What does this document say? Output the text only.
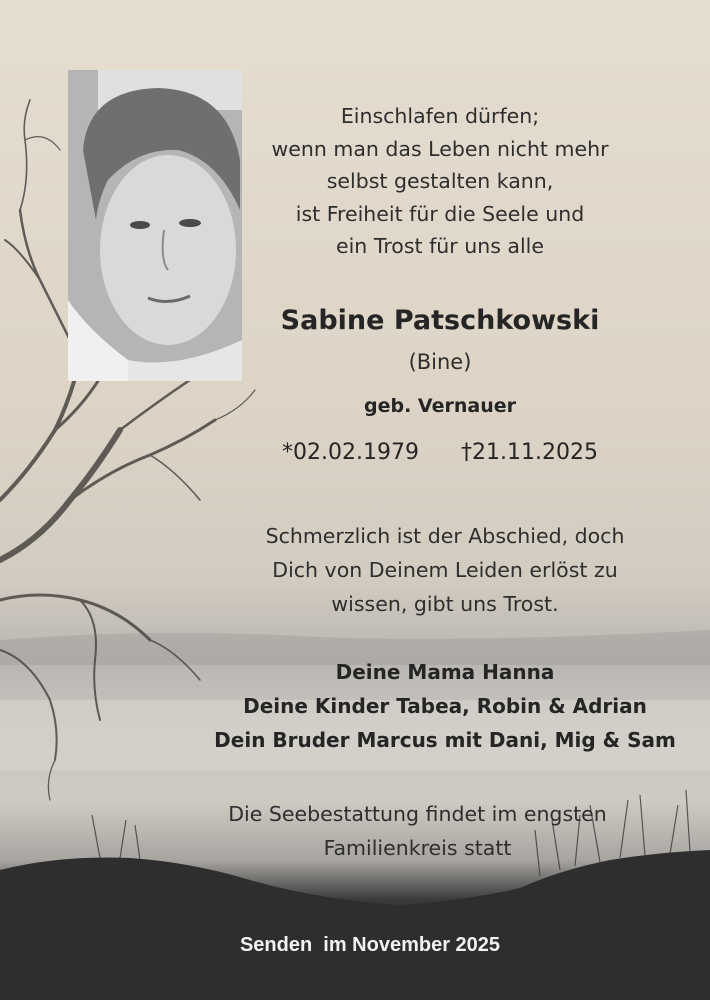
Einschlafen dürfen;
wenn man das Leben nicht mehr
selbst gestalten kann,
ist Freiheit für die Seele und
ein Trost für uns alle
Sabine Patschkowski
(Bine)
geb. Vernauer
*02.02.1979 †21.11.2025
Schmerzlich ist der Abschied, doch
Dich von Deinem Leiden erlöst zu
wissen, gibt uns Trost.
Deine Mama Hanna
Deine Kinder Tabea, Robin & Adrian
Dein Bruder Marcus mit Dani, Mig & Sam
Die Seebestattung findet im engsten
Familienkreis statt
Senden  im November 2025
